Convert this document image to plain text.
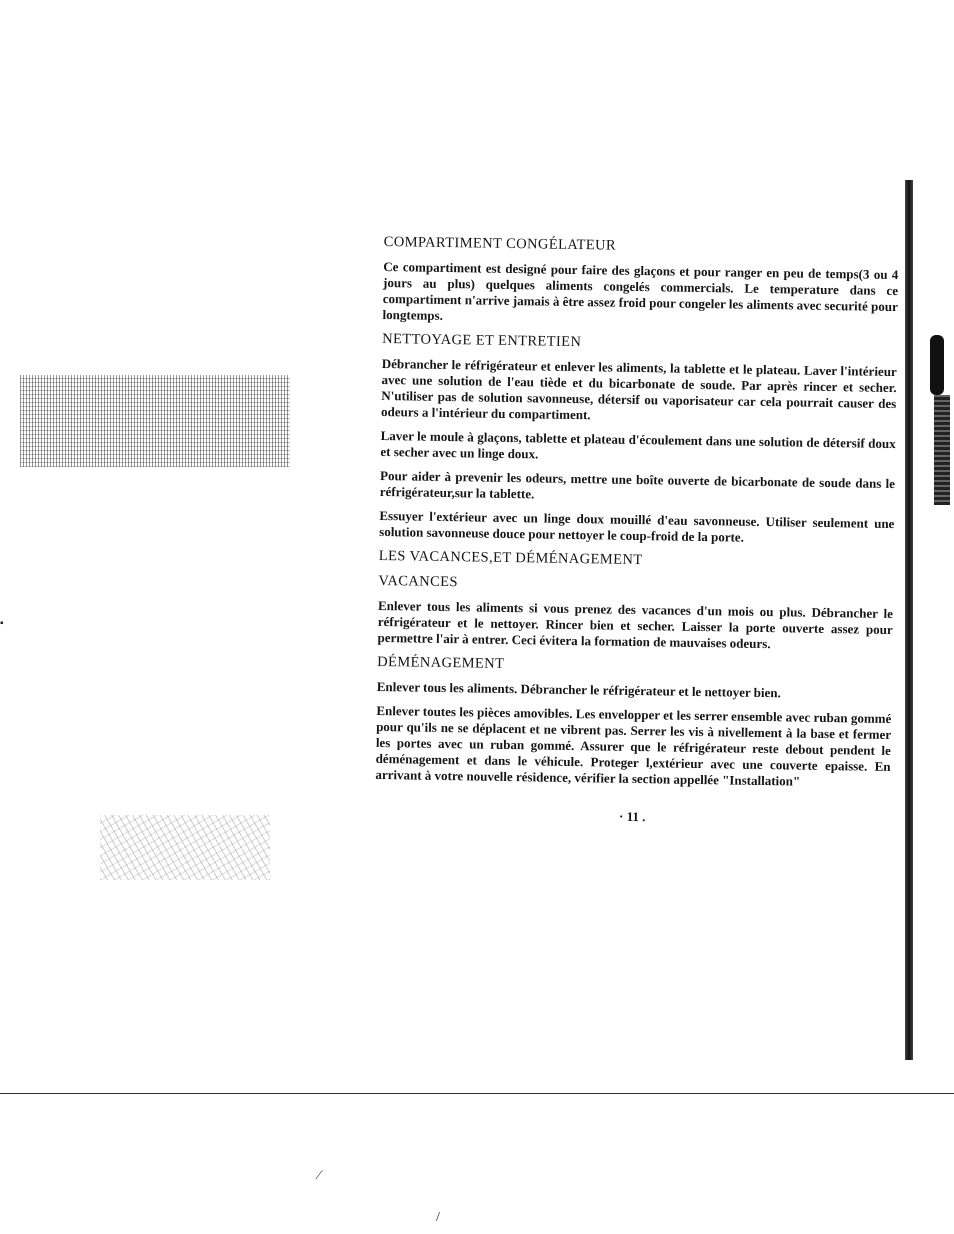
⁄
/
▪
COMPARTIMENT CONGÉLATEUR

Ce compartiment est designé pour faire des glaçons et pour ranger en peu de temps(3 ou 4 jours au plus) quelques aliments congelés commercials. Le temperature dans ce compartiment n'arrive jamais à être assez froid pour congeler les aliments avec securité pour longtemps.

NETTOYAGE ET ENTRETIEN

Débrancher le réfrigérateur et enlever les aliments, la tablette et le plateau. Laver l'intérieur avec une solution de l'eau tiède et du bicarbonate de soude. Par après rincer et secher. N'utiliser pas de solution savonneuse, détersif ou vaporisateur car cela pourrait causer des odeurs a l'intérieur du compartiment.

Laver le moule à glaçons, tablette et plateau d'écoulement dans une solution de détersif doux et secher avec un linge doux.

Pour aider à prevenir les odeurs, mettre une boîte ouverte de bicarbonate de soude dans le réfrigérateur,sur la tablette.

Essuyer l'extérieur avec un linge doux mouillé d'eau savonneuse. Utiliser seulement une solution savonneuse douce pour nettoyer le coup-froid de la porte.

LES VACANCES,ET DÉMÉNAGEMENT
VACANCES

Enlever tous les aliments si vous prenez des vacances d'un mois ou plus. Débrancher le réfrigérateur et le nettoyer. Rincer bien et secher. Laisser la porte ouverte assez pour permettre l'air à entrer. Ceci évitera la formation de mauvaises odeurs.

DÉMÉNAGEMENT

Enlever tous les aliments. Débrancher le réfrigérateur et le nettoyer bien.

Enlever toutes les pièces amovibles. Les envelopper et les serrer ensemble avec ruban gommé pour qu'ils ne se déplacent et ne vibrent pas. Serrer les vis à nivellement à la base et fermer les portes avec un ruban gommé. Assurer que le réfrigérateur reste debout pendent le déménagement et dans le véhicule. Proteger l,extérieur avec une couverte epaisse. En arrivant à votre nouvelle résidence, vérifier la section appellée "Installation"

· 11 .
